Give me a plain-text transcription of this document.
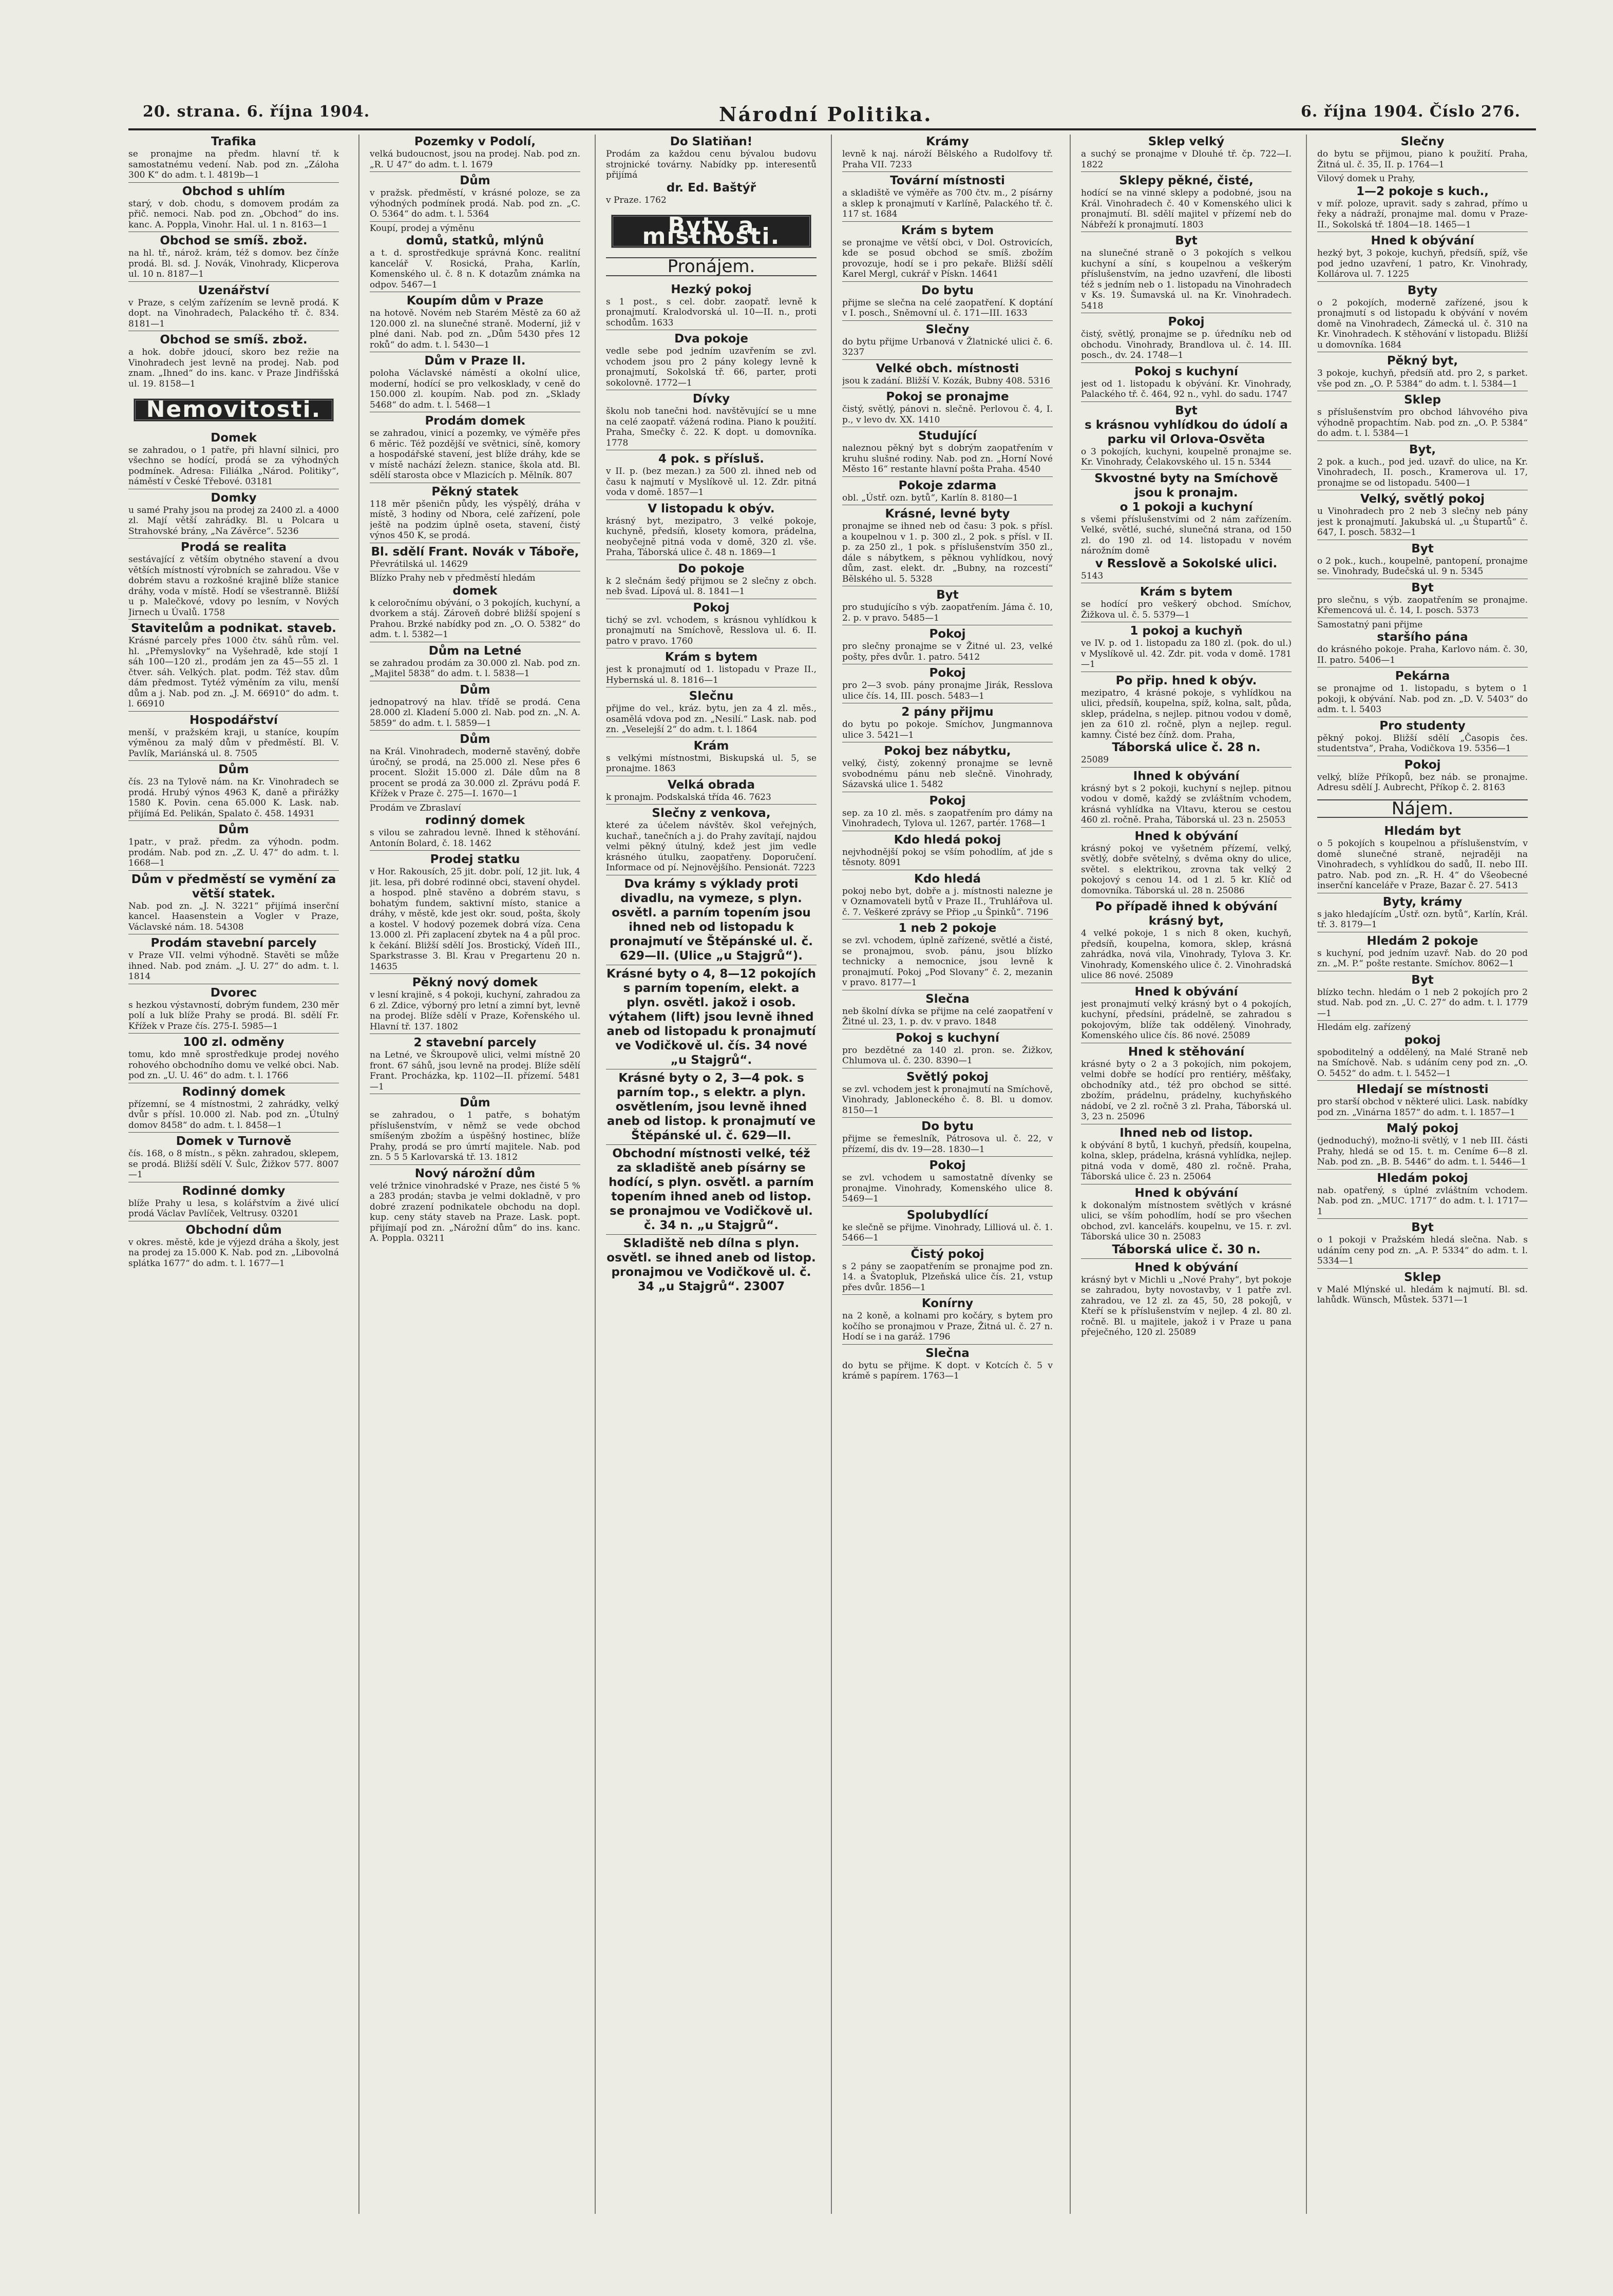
20. strana. 6. října 1904.	Národní Politika.	6. října 1904. Číslo 276.
Trafika

se pronajme na předm. hlavní tř. k samostatnému vedení. Nab. pod zn. „Záloha 300 K“ do adm. t. l. 4819b—1

Obchod s uhlím

starý, v dob. chodu, s domovem prodám za přič. nemoci. Nab. pod zn. „Obchod“ do ins. kanc. A. Poppla, Vinohr. Hal. ul. 1 n. 8163—1

Obchod se smíš. zbož.

na hl. tř., nárož. krám, též s domov. bez čínže prodá. Bl. sd. J. Novák, Vinohrady, Klicperova ul. 10 n. 8187—1

Uzenářství

v Praze, s celým zařízením se levně prodá. K dopt. na Vinohradech, Palackého tř. č. 834. 8181—1

Obchod se smíš. zbož.

a hok. dobře jdoucí, skoro bez režie na Vinohradech jest levně na prodej. Nab. pod znam. „Ihned“ do ins. kanc. v Praze Jindřišská ul. 19. 8158—1

Nemovitosti.
Domek

se zahradou, o 1 patře, při hlavní silnici, pro všechno se hodící, prodá se za výhodných podmínek. Adresa: Filiálka „Národ. Politiky“, náměstí v České Třebové. 03181

Domky

u samé Prahy jsou na prodej za 2400 zl. a 4000 zl. Mají větší zahrádky. Bl. u Polcara u Strahovské brány, „Na Závěrce“. 5236

Prodá se realita

sestávající z větším obytného stavení a dvou větších místností výrobních se zahradou. Vše v dobrém stavu a rozkošné krajině blíže stanice dráhy, voda v místě. Hodí se všestranně. Bližší u p. Malečkové, vdovy po lesním, v Nových Jirnech u Úvalů. 1758

Stavitelům a podnikat. staveb.

Krásné parcely přes 1000 čtv. sáhů rům. vel. hl. „Přemyslovky“ na Vyšehradě, kde stojí 1 sáh 100—120 zl., prodám jen za 45—55 zl. 1 čtver. sáh. Velkých. plat. podm. Též stav. dům dám předmost. Tytéž výměním za vilu, menší dům a j. Nab. pod zn. „J. M. 66910“ do adm. t. l. 66910

Hospodářství

menší, v pražském kraji, u staníce, koupím výměnou za malý dům v předměstí. Bl. V. Pavlík, Mariánská ul. 8. 7505

Dům

čís. 23 na Tylově nám. na Kr. Vinohradech se prodá. Hrubý výnos 4963 K, daně a přirážky 1580 K. Povin. cena 65.000 K. Lask. nab. přijímá Ed. Pelikán, Spalato č. 458. 14931

Dům

1patr., v praž. předm. za výhodn. podm. prodám. Nab. pod zn. „Z. U. 47“ do adm. t. l. 1668—1

Dům v předměstí se vymění za větší statek.

Nab. pod zn. „J. N. 3221“ přijímá inserční kancel. Haasenstein a Vogler v Praze, Václavské nám. 18. 54308

Prodám stavební parcely

v Praze VII. velmi výhodně. Stavěti se může ihned. Nab. pod znám. „J. U. 27“ do adm. t. l. 1814

Dvorec

s hezkou výstavností, dobrým fundem, 230 měr polí a luk blíže Prahy se prodá. Bl. sdělí Fr. Křížek v Praze čís. 275-I. 5985—1

100 zl. odměny

tomu, kdo mně sprostředkuje prodej nového rohového obchodního domu ve velké obci. Nab. pod zn. „U. U. 46“ do adm. t. l. 1766

Rodinný domek

přízemní, se 4 místnostmi, 2 zahrádky, velký dvůr s přísl. 10.000 zl. Nab. pod zn. „Útulný domov 8458“ do adm. t. l. 8458—1

Domek v Turnově

čís. 168, o 8 místn., s pěkn. zahradou, sklepem, se prodá. Bližší sdělí V. Šulc, Žižkov 577. 8007—1

Rodinné domky

blíže Prahy u lesa, s kolářstvím a živé ulicí prodá Václav Pavlíček, Veltrusy. 03201

Obchodní dům

v okres. městě, kde je výjezd dráha a školy, jest na prodej za 15.000 K. Nab. pod zn. „Libovolná splátka 1677“ do adm. t. l. 1677—1

Pozemky v Podolí,

velká budoucnost, jsou na prodej. Nab. pod zn. „R. U 47“ do adm. t. l. 1679

Dům

v pražsk. předměstí, v krásné poloze, se za výhodných podmínek prodá. Nab. pod zn. „C. O. 5364“ do adm. t. l. 5364

Koupí, prodej a výměnu

domů, statků, mlýnů

a t. d. sprostředkuje správná Konc. realitní kancelář V. Rosická, Praha, Karlín, Komenského ul. č. 8 n. K dotazům známka na odpov. 5467—1

Koupím dům v Praze

na hotově. Novém neb Starém Městě za 60 až 120.000 zl. na slunečné straně. Moderní, již v plné dani. Nab. pod zn. „Dům 5430 přes 12 roků“ do adm. t. l. 5430—1

Dům v Praze II.

poloha Václavské náměstí a okolní ulice, moderní, hodící se pro velkosklady, v ceně do 150.000 zl. koupím. Nab. pod zn. „Sklady 5468“ do adm. t. l. 5468—1

Prodám domek

se zahradou, vinicí a pozemky, ve výměře přes 6 měric. Též pozdější ve světnici, síně, komory a hospodářské stavení, jest blíže dráhy, kde se v místě nachází železn. stanice, škola atd. Bl. sdělí starosta obce v Mlazicích p. Mělník. 807

Pěkný statek

118 měr pšeničn půdy, les výspělý, dráha v místě, 3 hodiny od Nbora, celé zařízení, pole ještě na podzim úplně oseta, stavení, čistý výnos 450 K, se prodá.

Bl. sdělí Frant. Novák v Táboře,

Převrátilská ul. 14629

Blízko Prahy neb v předměstí hledám

domek

k celoročnímu obývání, o 3 pokojích, kuchyní, a dvorkem a stáj. Zároveň dobré bližší spojení s Prahou. Brzké nabídky pod zn. „O. O. 5382“ do adm. t. l. 5382—1

Dům na Letné

se zahradou prodám za 30.000 zl. Nab. pod zn. „Majitel 5838“ do adm. t. l. 5838—1

Dům

jednopatrový na hlav. třídě se prodá. Cena 28.000 zl. Kladení 5.000 zl. Nab. pod zn. „N. A. 5859“ do adm. t. l. 5859—1

Dům

na Král. Vinohradech, moderně stavěný, dobře úročný, se prodá, na 25.000 zl. Nese přes 6 procent. Složit 15.000 zl. Dále dům na 8 procent se prodá za 30.000 zl. Zprávu podá F. Křížek v Praze č. 275—I. 1670—1

Prodám ve Zbraslaví

rodinný domek

s vilou se zahradou levně. Ihned k stěhování. Antonín Bolard, č. 18. 1462

Prodej statku

v Hor. Rakousích, 25 jit. dobr. polí, 12 jit. luk, 4 jit. lesa, při dobré rodinné obci, stavení ohydel. a hospod. plně stavěno a dobrém stavu, s bohatým fundem, saktivní místo, stanice a dráhy, v městě, kde jest okr. soud, pošta, školy a kostel. V hodový pozemek dobrá víza. Cena 13.000 zl. Při zaplacení zbytek na 4 a půl proc. k čekání. Bližší sdělí Jos. Brostický, Vídeň III., Sparkstrasse 3. Bl. Krau v Pregartenu 20 n. 14635

Pěkný nový domek

v lesní krajině, s 4 pokoji, kuchyní, zahradou za 6 zl. Zdice, výborný pro letní a zimní byt, levně na prodej. Blíže sdělí v Praze, Kořenského ul. Hlavní tř. 137. 1802

2 stavební parcely

na Letné, ve Škroupově ulici, velmi místně 20 front. 67 sáhů, jsou levně na prodej. Blíže sdělí Frant. Procházka, kp. 1102—II. přízemí. 5481—1

Dům

se zahradou, o 1 patře, s bohatým příslušenstvím, v němž se vede obchod smíšeným zbožím a úspěšný hostinec, blíže Prahy, prodá se pro úmrtí majitele. Nab. pod zn. 5 5 5 Karlovarská tř. 13. 1812

Nový nárožní dům

velé tržnice vinohradské v Praze, nes čisté 5 % a 283 prodán; stavba je velmi dokladně, v pro dobré zrazení podnikatele obchodu na dopl. kup. ceny státy staveb na Praze. Lask. popt. přijímají pod zn. „Nárožní dům“ do ins. kanc. A. Poppla. 03211

Do Slatiňan!

Prodám za každou cenu bývalou budovu strojnické továrny. Nabídky pp. interesentů přijímá

dr. Ed. Baštýř

v Praze. 1762

Byty a místnosti.
Pronájem.
Hezký pokoj

s 1 post., s cel. dobr. zaopatř. levně k pronajmutí. Kralodvorská ul. 10—II. n., proti schodům. 1633

Dva pokoje

vedle sebe pod jedním uzavřením se zvl. vchodem jsou pro 2 pány kolegy levně k pronajmutí, Sokolská tř. 66, parter, proti sokolovně. 1772—1

Dívky

školu nob tanečni hod. navštěvující se u mne na celé zaopatř. vážená rodina. Piano k použití. Praha, Smečky č. 22. K dopt. u domovníka. 1778

4 pok. s přísluš.

v II. p. (bez mezan.) za 500 zl. ihned neb od času k najmutí v Myslíkově ul. 12. Zdr. pitná voda v domě. 1857—1

V listopadu k obýv.

krásný byt, mezipatro, 3 velké pokoje, kuchyně, předsíň, klosety komora, prádelna, neobyčejně pitná voda v domě, 320 zl. vše. Praha, Táborská ulice č. 48 n. 1869—1

Do pokoje

k 2 slečnám šedý přijmou se 2 slečny z obch. neb švad. Lípová ul. 8. 1841—1

Pokoj

tichý se zvl. vchodem, s krásnou vyhlídkou k pronajmutí na Smíchově, Resslova ul. 6. II. patro v pravo. 1760

Krám s bytem

jest k pronajmutí od 1. listopadu v Praze II., Hybernská ul. 8. 1816—1

Slečnu

přijme do vel., kráz. bytu, jen za 4 zl. měs., osamělá vdova pod zn. „Nesilí.“ Lask. nab. pod zn. „Veselejší 2“ do adm. t. l. 1864

Krám

s velkými místnostmi, Biskupská ul. 5, se pronajme. 1863

Velká obrada

k pronajm. Podskalská třída 46. 7623

Slečny z venkova,

které za účelem návštěv. škol veřejných, kuchař., tanečních a j. do Prahy zavítají, najdou velmi pěkný útulný, kdež jest jim vedle krásného útulku, zaopatřeny. Doporučení. Informace od pí. Nejnovějšího. Pensionát. 7223

Dva krámy s výklady proti divadlu, na vymeze, s plyn. osvětl. a parním topením jsou ihned neb od listopadu k pronajmutí ve Štěpánské ul. č. 629—II. (Ulice „u Stajgrů“).
Krásné byty o 4, 8—12 pokojích s parním topením, elekt. a plyn. osvětl. jakož i osob. výtahem (lift) jsou levně ihned aneb od listopadu k pronajmutí ve Vodičkově ul. čís. 34 nové „u Stajgrů“.
Krásné byty o 2, 3—4 pok. s parním top., s elektr. a plyn. osvětlením, jsou levně ihned aneb od listop. k pronajmutí ve Štěpánské ul. č. 629—II.
Obchodní místnosti velké, též za skladiště aneb písárny se hodící, s plyn. osvětl. a parním topením ihned aneb od listop. se pronajmou ve Vodičkově ul. č. 34 n. „u Stajgrů“.
Skladiště neb dílna s plyn. osvětl. se ihned aneb od listop. pronajmou ve Vodičkově ul. č. 34 „u Stajgrů“. 23007
Krámy

levně k naj. nároží Bělského a Rudolfovy tř. Praha VII. 7233

Tovární místnosti

a skladiště ve výměře as 700 čtv. m., 2 písárny a sklep k pronajmutí v Karlíně, Palackého tř. č. 117 st. 1684

Krám s bytem

se pronajme ve větší obci, v Dol. Ostrovicích, kde se posud obchod se smíš. zbožím provozuje, hodí se i pro pekaře. Bližší sdělí Karel Mergl, cukrář v Pískn. 14641

Do bytu

přijme se slečna na celé zaopatření. K doptání v I. posch., Sněmovní ul. č. 171—III. 1633

Slečny

do bytu přijme Urbanová v Žlatnické ulici č. 6. 3237

Velké obch. místnosti

jsou k zadání. Bližší V. Kozák, Bubny 408. 5316

Pokoj se pronajme

čistý, světlý, pánovi n. slečně. Perlovou č. 4, I. p., v levo dv. XX. 1410

Studující

naleznou pěkný byt s dobrým zaopatřením v kruhu slušné rodiny. Nab. pod zn. „Horní Nové Město 16“ restante hlavní pošta Praha. 4540

Pokoje zdarma

obl. „Ústř. ozn. bytů“, Karlín 8. 8180—1

Krásné, levné byty

pronajme se ihned neb od času: 3 pok. s přísl. a koupelnou v 1. p. 300 zl., 2 pok. s přísl. v II. p. za 250 zl., 1 pok. s příslušenstvím 350 zl., dále s nábytkem, s pěknou vyhlídkou, nový dům, zast. elekt. dr. „Bubny, na rozcestí“ Bělského ul. 5. 5328

Byt

pro studujícího s výb. zaopatřením. Jáma č. 10, 2. p. v pravo. 5485—1

Pokoj

pro slečny pronajme se v Žitné ul. 23, velké pošty, přes dvůr. 1. patro. 5412

Pokoj

pro 2—3 svob. pány pronajme Jirák, Resslova ulice čís. 14, III. posch. 5483—1

2 pány přijmu

do bytu po pokoje. Smíchov, Jungmannova ulice 3. 5421—1

Pokoj bez nábytku,

velký, čistý, zokenný pronajme se levně svobodnému pánu neb slečně. Vinohrady, Sázavská ulice 1. 5482

Pokoj

sep. za 10 zl. měs. s zaopatřením pro dámy na Vinohradech, Tylova ul. 1267, partér. 1768—1

Kdo hledá pokoj

nejvhodnější pokoj se vším pohodlím, ať jde s těsnoty. 8091

Kdo hledá

pokoj nebo byt, dobře a j. místnosti nalezne je v Oznamovateli bytů v Praze II., Truhlářova ul. č. 7. Veškeré zprávy se Přiop „u Špinků“. 7196

1 neb 2 pokoje

se zvl. vchodem, úplně zařízené, světlé a čisté, se pronajmou, svob. pánu, jsou blízko technicky a nemocnice, jsou levně k pronajmutí. Pokoj „Pod Slovany“ č. 2, mezanin v pravo. 8177—1

Slečna

neb školní dívka se přijme na celé zaopatření v Žitné ul. 23, 1. p. dv. v pravo. 1848

Pokoj s kuchyní

pro bezdětné za 140 zl. pron. se. Žižkov, Chlumova ul. č. 230. 8390—1

Světlý pokoj

se zvl. vchodem jest k pronajmutí na Smíchově, Vinohrady, Jabloneckého č. 8. Bl. u domov. 8150—1

Do bytu

přijme se řemeslník, Pátrosova ul. č. 22, v přízemí, dis dv. 19—28. 1830—1

Pokoj

se zvl. vchodem u samostatně dívenky se pronajme. Vinohrady, Komenského ulice 8. 5469—1

Spolubydlící

ke slečně se přijme. Vinohrady, Lilliová ul. č. 1. 5466—1

Čistý pokoj

s 2 pány se zaopatřením se pronajme pod zn. 14. a Švatopluk, Plzeňská ulice čís. 21, vstup přes dvůr. 1856—1

Konírny

na 2 koně, a kolnami pro kočáry, s bytem pro kočího se pronajmou v Praze, Žitná ul. č. 27 n. Hodí se i na garáž. 1796

Slečna

do bytu se přijme. K dopt. v Kotcích č. 5 v krámě s papírem. 1763—1

Sklep velký

a suchý se pronajme v Dlouhé tř. čp. 722—I. 1822

Sklepy pěkné, čisté,

hodící se na vinné sklepy a podobné, jsou na Král. Vinohradech č. 40 v Komenského ulici k pronajmutí. Bl. sdělí majitel v přízemí neb do Nábřeží k pronajmutí. 1803

Byt

na slunečné straně o 3 pokojích s velkou kuchyní a síní, s koupelnou a veškerým příslušenstvím, na jedno uzavření, dle libosti též s jedním neb o 1. listopadu na Vinohradech v Ks. 19. Šumavská ul. na Kr. Vinohradech. 5418

Pokoj

čistý, světlý, pronajme se p. úředníku neb od obchodu. Vinohrady, Brandlova ul. č. 14. III. posch., dv. 24. 1748—1

Pokoj s kuchyní

jest od 1. listopadu k obývání. Kr. Vinohrady, Palackého tř. č. 464, 92 n., vyhl. do sadu. 1747

Byt
s krásnou vyhlídkou do údolí a parku vil Orlova-Osvěta

o 3 pokojích, kuchyni, koupelně pronajme se. Kr. Vinohrady, Čelakovského ul. 15 n. 5344

Skvostné byty na Smíchově jsou k pronajm.
o 1 pokoji a kuchyní

s všemi příslušenstvími od 2 nám zařízením. Velké, světlé, suché, slunečná strana, od 150 zl. do 190 zl. od 14. listopadu v novém nárožním domě

v Resslově a Sokolské ulici.

5143

Krám s bytem

se hodící pro veškerý obchod. Smíchov, Žižkova ul. č. 5. 5379—1

1 pokoj a kuchyň

ve IV. p. od 1. listopadu za 180 zl. (pok. do ul.) v Myslíkově ul. 42. Zdr. pit. voda v domě. 1781—1

Po přip. hned k obýv.

mezipatro, 4 krásné pokoje, s vyhlídkou na ulici, předsíň, koupelna, spíž, kolna, salt, půda, sklep, prádelna, s nejlep. pitnou vodou v domě, jen za 610 zl. ročně, plyn a nejlep. regul. kamny. Čisté bez čínž. dom. Praha,

Táborská ulice č. 28 n.

25089

Ihned k obývání

krásný byt s 2 pokoji, kuchyní s nejlep. pitnou vodou v domě, každý se zvláštním vchodem, krásná vyhlídka na Vltavu, kterou se cestou 460 zl. ročně. Praha, Táborská ul. 23 n. 25053

Hned k obývání

krásný pokoj ve vyšetném přízemí, velký, světlý, dobře světelný, s dvěma okny do ulice, světel. s elektrikou, zrovna tak velký 2 pokojový s cenou 14. od 1 zl. 5 kr. Klíč od domovníka. Táborská ul. 28 n. 25086

Po případě ihned k obývání krásný byt,

4 velké pokoje, 1 s nich 8 oken, kuchyň, předsíň, koupelna, komora, sklep, krásná zahrádka, nová vila, Vinohrady, Tylova 3. Kr. Vinohrady, Komenského ulice č. 2. Vinohradská ulice 86 nové. 25089

Hned k obývání

jest pronajmutí velký krásný byt o 4 pokojích, kuchyní, předsíni, prádelně, se zahradou s pokojovým, blíže tak oddělený. Vinohrady, Komenského ulice čís. 86 nové. 25089

Hned k stěhování

krásné byty o 2 a 3 pokojích, nim pokojem, velmi dobře se hodící pro rentiéry, měšťaky, obchodníky atd., též pro obchod se sitté. zbožím, prádelnu, prádelny, kuchyňského nádobí, ve 2 zl. ročně 3 zl. Praha, Táborská ul. 3, 23 n. 25096

Ihned neb od listop.

k obývání 8 bytů, 1 kuchyň, předsíň, koupelna, kolna, sklep, prádelna, krásná vyhlídka, nejlep. pitná voda v domě, 480 zl. ročně. Praha, Táborská ulice č. 23 n. 25064

Hned k obývání

k dokonalým místnostem světlých v krásné ulici, se vším pohodlím, hodí se pro všechen obchod, zvl. kancelářs. koupelnu, ve 15. r. zvl. Táborská ulice 30 n. 25083

Táborská ulice č. 30 n.
Hned k obývání

krásný byt v Michli u „Nové Prahy“, byt pokoje se zahradou, byty novostavby, v 1 patře zvl. zahradou, ve 12 zl. za 45, 50, 28 pokojů, v Kteří se k příslušenstvím v nejlep. 4 zl. 80 zl. ročně. Bl. u majitele, jakož i v Praze u pana přeječného, 120 zl. 25089

Slečny

do bytu se přijmou, piano k použití. Praha, Žitná ul. č. 35, II. p. 1764—1

Vilový domek u Prahy,

1—2 pokoje s kuch.,

v míř. poloze, upravit. sady s zahrad, přímo u řeky a nádraží, pronajme mal. domu v Praze-II., Sokolská tř. 1804—18. 1465—1

Hned k obývání

hezký byt, 3 pokoje, kuchyň, předsíň, spíž, vše pod jedno uzavření, 1 patro, Kr. Vinohrady, Kollárova ul. 7. 1225

Byty

o 2 pokojích, moderně zařízené, jsou k pronajmutí s od listopadu k obývání v novém domě na Vinohradech, Zámecká ul. č. 310 na Kr. Vinohradech. K stěhování v listopadu. Bližší u domovníka. 1684

Pěkný byt,

3 pokoje, kuchyň, předsíň atd. pro 2, s parket. vše pod zn. „O. P. 5384“ do adm. t. l. 5384—1

Sklep

s příslušenstvím pro obchod láhvového piva výhodně propachtím. Nab. pod zn. „O. P. 5384“ do adm. t. l. 5384—1

Byt,

2 pok. a kuch., pod jed. uzavř. do ulice, na Kr. Vinohradech, II. posch., Kramerova ul. 17, pronajme se od listopadu. 5400—1

Velký, světlý pokoj

u Vinohradech pro 2 neb 3 slečny neb pány jest k pronajmutí. Jakubská ul. „u Štupartů“ č. 647, I. posch. 5832—1

Byt

o 2 pok., kuch., koupelně, pantopení, pronajme se. Vinohrady, Budečská ul. 9 n. 5345

Byt

pro slečnu, s výb. zaopatřením se pronajme. Křemencová ul. č. 14, I. posch. 5373

Samostatný pani přijme

staršího pána

do krásného pokoje. Praha, Karlovo nám. č. 30, II. patro. 5406—1

Pekárna

se pronajme od 1. listopadu, s bytem o 1 pokoji, k obývání. Nab. pod zn. „D. V. 5403“ do adm. t. l. 5403

Pro studenty

pěkný pokoj. Bližší sdělí „Časopis čes. studentstva“, Praha, Vodičkova 19. 5356—1

Pokoj

velký, blíže Příkopů, bez náb. se pronajme. Adresu sdělí J. Aubrecht, Příkop č. 2. 8163

Nájem.
Hledám byt

o 5 pokojích s koupelnou a příslušenstvím, v domě slunečné straně, nejraději na Vinohradech, s vyhlídkou do sadů, II. nebo III. patro. Nab. pod zn. „R. H. 4“ do Všeobecné inserční kanceláře v Praze, Bazar č. 27. 5413

Byty, krámy

s jako hledajícím „Ústř. ozn. bytů“, Karlín, Král. tř. 3. 8179—1

Hledám 2 pokoje

s kuchyní, pod jedním uzavř. Nab. do 20 pod zn. „M. P.“ pošte restante. Smíchov. 8062—1

Byt

blízko techn. hledám o 1 neb 2 pokojích pro 2 stud. Nab. pod zn. „U. C. 27“ do adm. t. l. 1779—1

Hledám elg. zařízený

pokoj

spoboditelný a oddělený, na Malé Straně neb na Smíchově. Nab. s udáním ceny pod zn. „O. O. 5452“ do adm. t. l. 5452—1

Hledají se místnosti

pro starší obchod v některé ulici. Lask. nabídky pod zn. „Vinárna 1857“ do adm. t. l. 1857—1

Malý pokoj

(jednoduchý), možno-li světlý, v 1 neb III. části Prahy, hledá se od 15. t. m. Ceníme 6—8 zl. Nab. pod zn. „B. B. 5446“ do adm. t. l. 5446—1

Hledám pokoj

nab. opatřený, s úplné zvláštním vchodem. Nab. pod zn. „MUC. 1717“ do adm. t. l. 1717—1

Byt

o 1 pokoji v Pražském hledá slečna. Nab. s udáním ceny pod zn. „A. P. 5334“ do adm. t. l. 5334—1

Sklep

v Malé Mlýnské ul. hledám k najmutí. Bl. sd. lahůdk. Wünsch, Můstek. 5371—1
